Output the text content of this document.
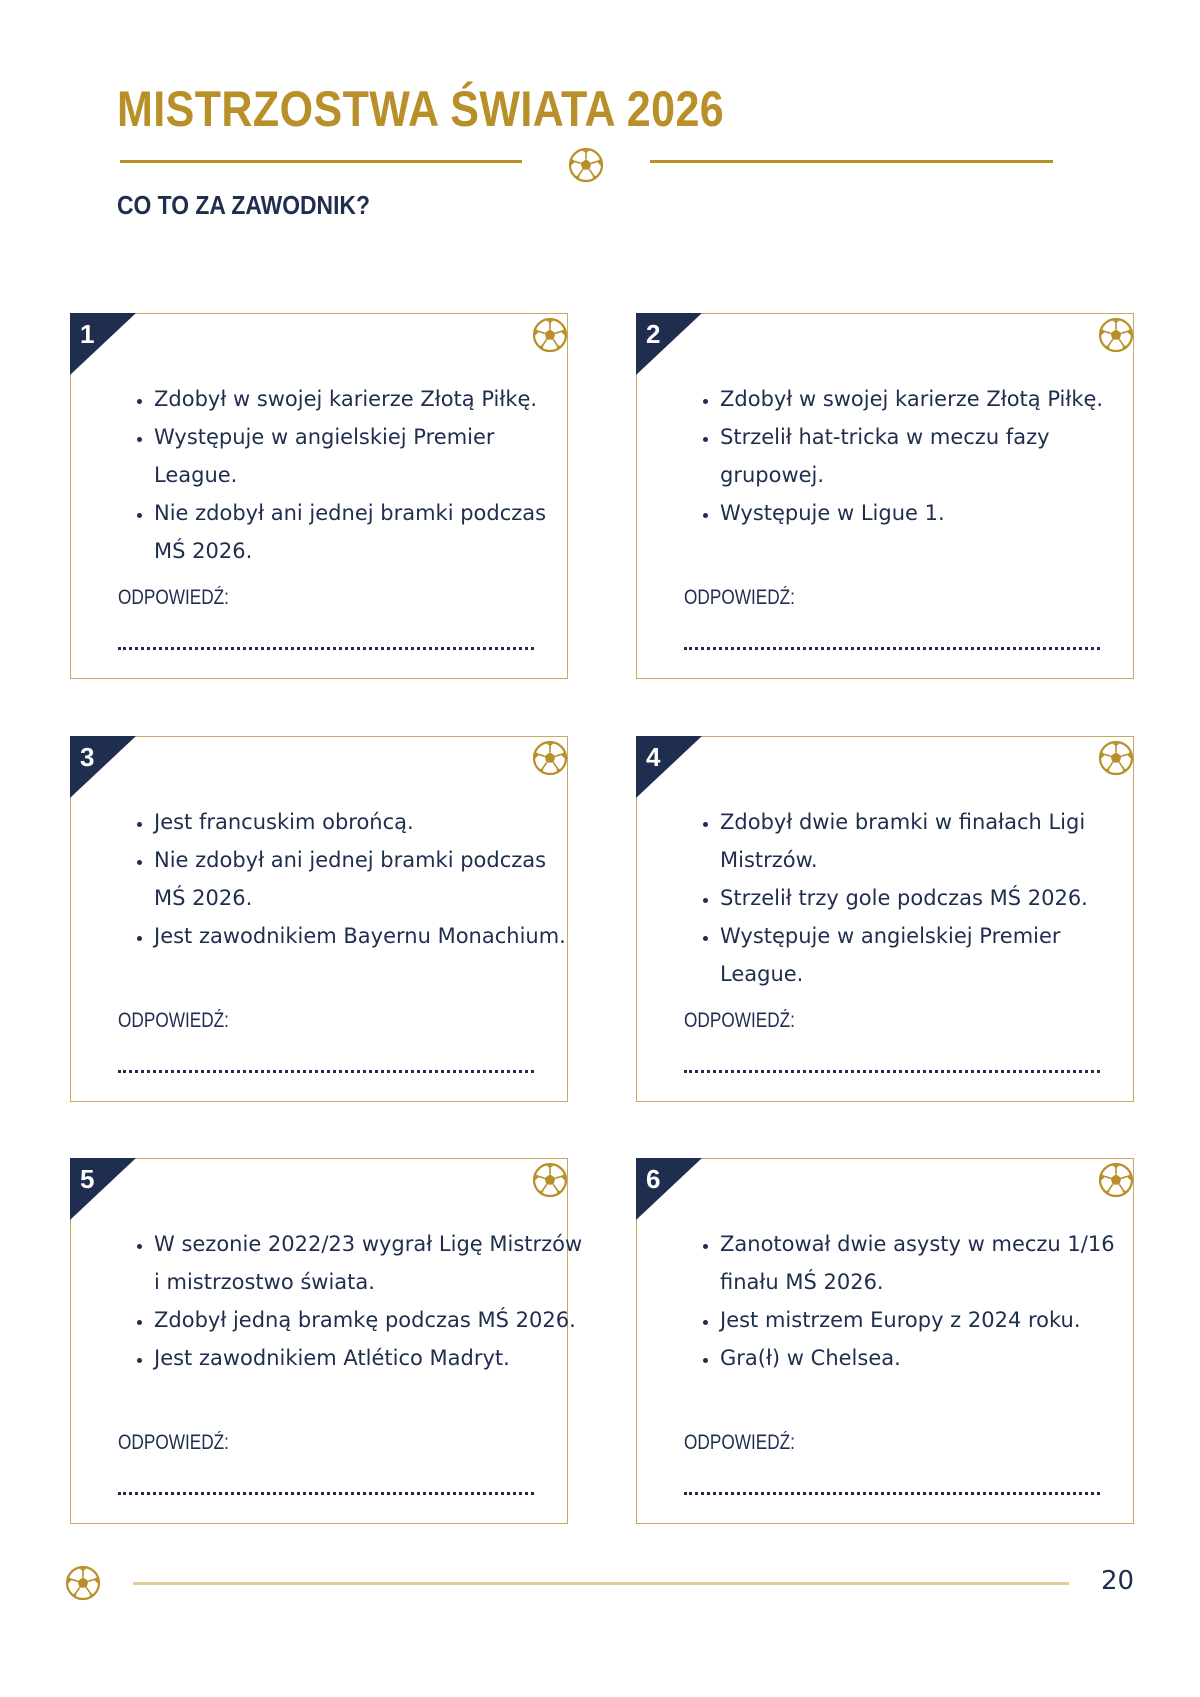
MISTRZOSTWA ŚWIATA 2026
CO TO ZA ZAWODNIK?
1
• Zdobył w swojej karierze Złotą Piłkę.
• Występuje w angielskiej Premier League.
• Nie zdobył ani jednej bramki podczas MŚ 2026.
ODPOWIEDŹ:
2
• Zdobył w swojej karierze Złotą Piłkę.
• Strzelił hat-tricka w meczu fazy grupowej.
• Występuje w Ligue 1.
ODPOWIEDŹ:
3
• Jest francuskim obrońcą.
• Nie zdobył ani jednej bramki podczas MŚ 2026.
• Jest zawodnikiem Bayernu Monachium.
ODPOWIEDŹ:
4
• Zdobył dwie bramki w finałach Ligi Mistrzów.
• Strzelił trzy gole podczas MŚ 2026.
• Występuje w angielskiej Premier League.
ODPOWIEDŹ:
5
• W sezonie 2022/23 wygrał Ligę Mistrzów i mistrzostwo świata.
• Zdobył jedną bramkę podczas MŚ 2026.
• Jest zawodnikiem Atlético Madryt.
ODPOWIEDŹ:
6
• Zanotował dwie asysty w meczu 1/16 finału MŚ 2026.
• Jest mistrzem Europy z 2024 roku.
• Gra(ł) w Chelsea.
ODPOWIEDŹ:
20
